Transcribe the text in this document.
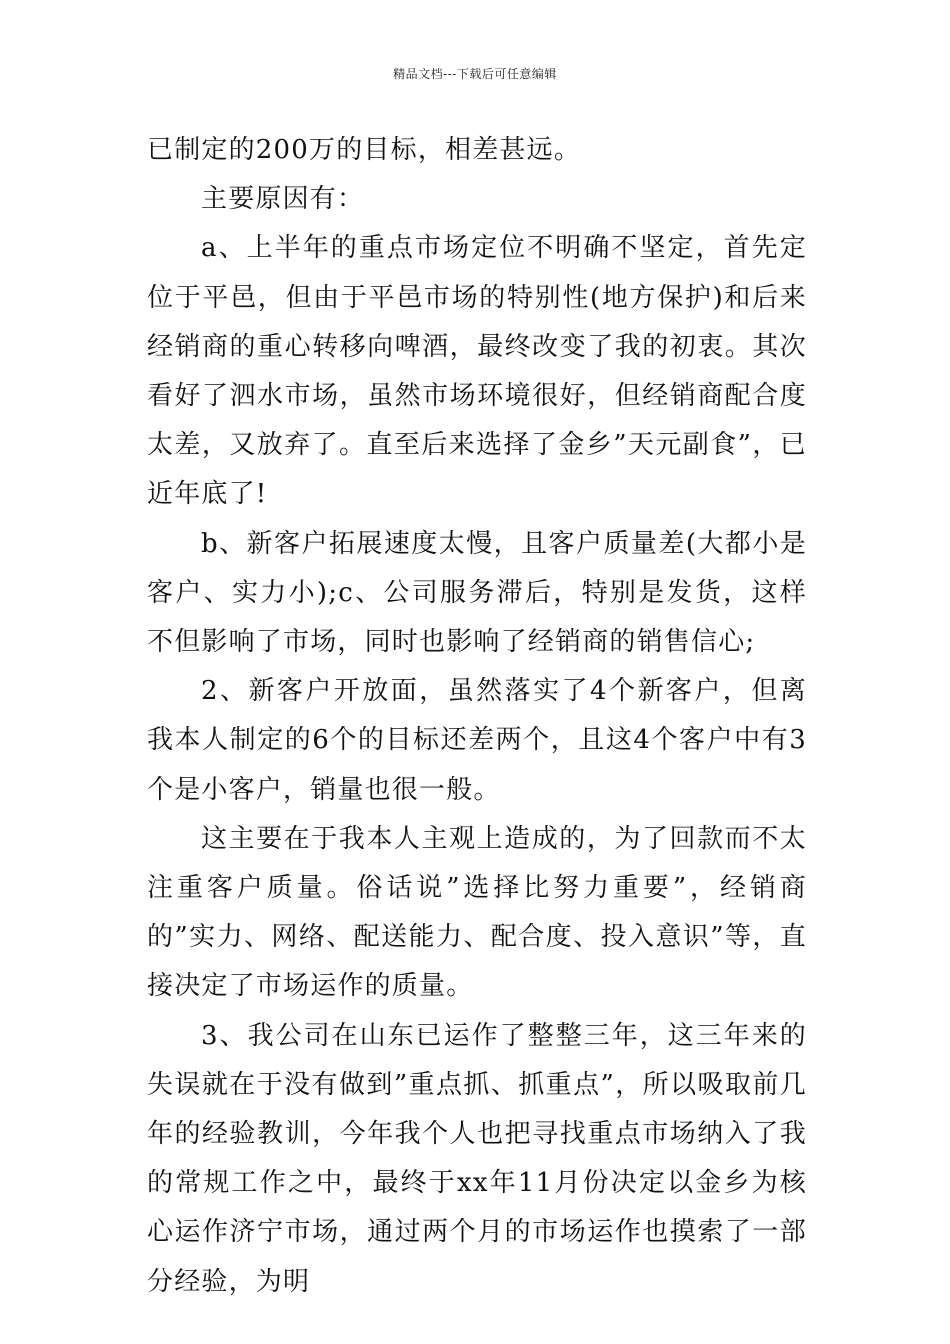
精品文档---下载后可任意编辑

已制定的200万的目标，相差甚远。

主要原因有：

a、上半年的重点市场定位不明确不坚定，首先定位于平邑，但由于平邑市场的特别性(地方保护)和后来经销商的重心转移向啤酒，最终改变了我的初衷。其次看好了泗水市场，虽然市场环境很好，但经销商配合度太差，又放弃了。直至后来选择了金乡”天元副食”，已近年底了!

b、新客户拓展速度太慢，且客户质量差(大都小是客户、实力小);c、公司服务滞后，特别是发货，这样不但影响了市场，同时也影响了经销商的销售信心;

2、新客户开放面，虽然落实了4个新客户，但离我本人制定的6个的目标还差两个，且这4个客户中有3个是小客户，销量也很一般。

这主要在于我本人主观上造成的，为了回款而不太注重客户质量。俗话说”选择比努力重要”，经销商的”实力、网络、配送能力、配合度、投入意识”等，直接决定了市场运作的质量。

3、我公司在山东已运作了整整三年，这三年来的失误就在于没有做到”重点抓、抓重点”，所以吸取前几年的经验教训，今年我个人也把寻找重点市场纳入了我的常规工作之中，最终于xx年11月份决定以金乡为核心运作济宁市场，通过两个月的市场运作也摸索了一部分经验，为明
